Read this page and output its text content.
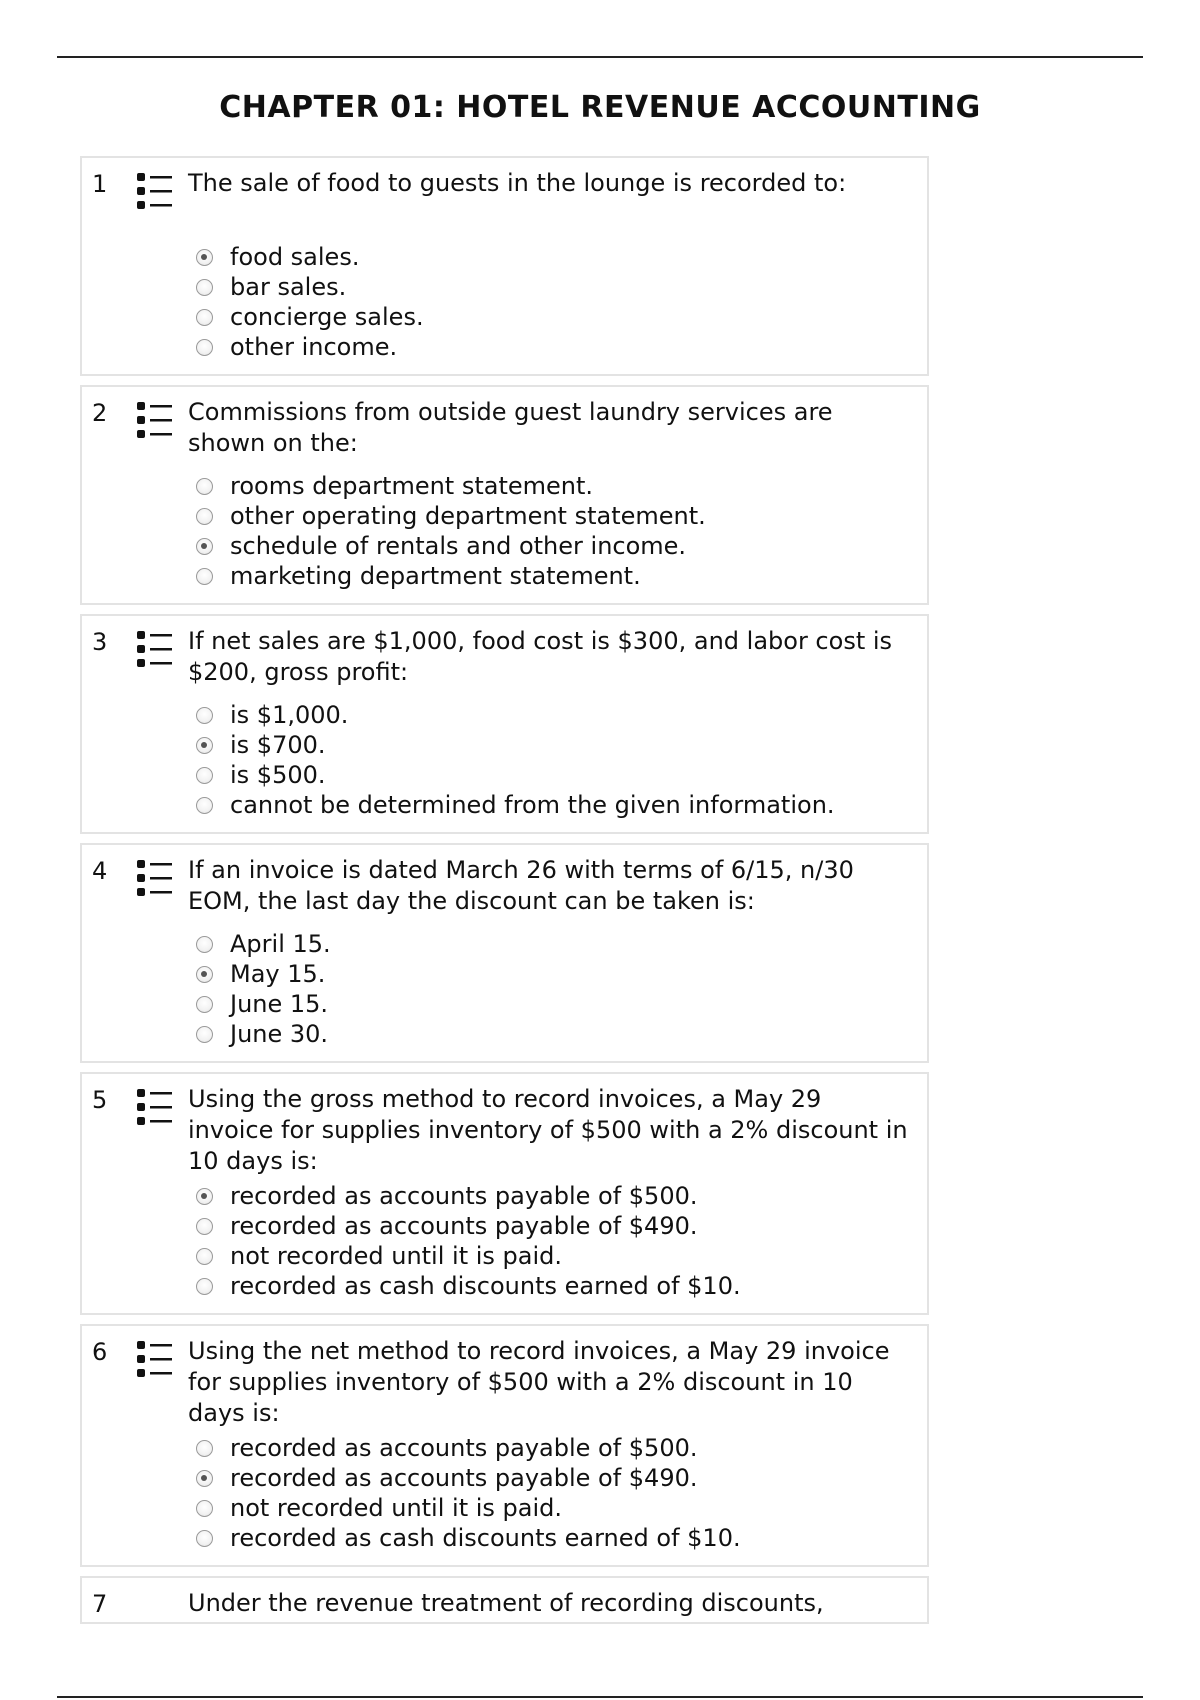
CHAPTER 01: HOTEL REVENUE ACCOUNTING
1	The sale of food to guests in the lounge is recorded to:
food sales.
bar sales.
concierge sales.
other income.
2	Commissions from outside guest laundry services are shown on the:
rooms department statement.
other operating department statement.
schedule of rentals and other income.
marketing department statement.
3	If net sales are $1,000, food cost is $300, and labor cost is $200, gross profit:
is $1,000.
is $700.
is $500.
cannot be determined from the given information.
4	If an invoice is dated March 26 with terms of 6/15, n/30 EOM, the last day the discount can be taken is:
April 15.
May 15.
June 15.
June 30.
5	Using the gross method to record invoices, a May 29 invoice for supplies inventory of $500 with a 2% discount in 10 days is:
recorded as accounts payable of $500.
recorded as accounts payable of $490.
not recorded until it is paid.
recorded as cash discounts earned of $10.
6	Using the net method to record invoices, a May 29 invoice for supplies inventory of $500 with a 2% discount in 10 days is:
recorded as accounts payable of $500.
recorded as accounts payable of $490.
not recorded until it is paid.
recorded as cash discounts earned of $10.
7	Under the revenue treatment of recording discounts,
